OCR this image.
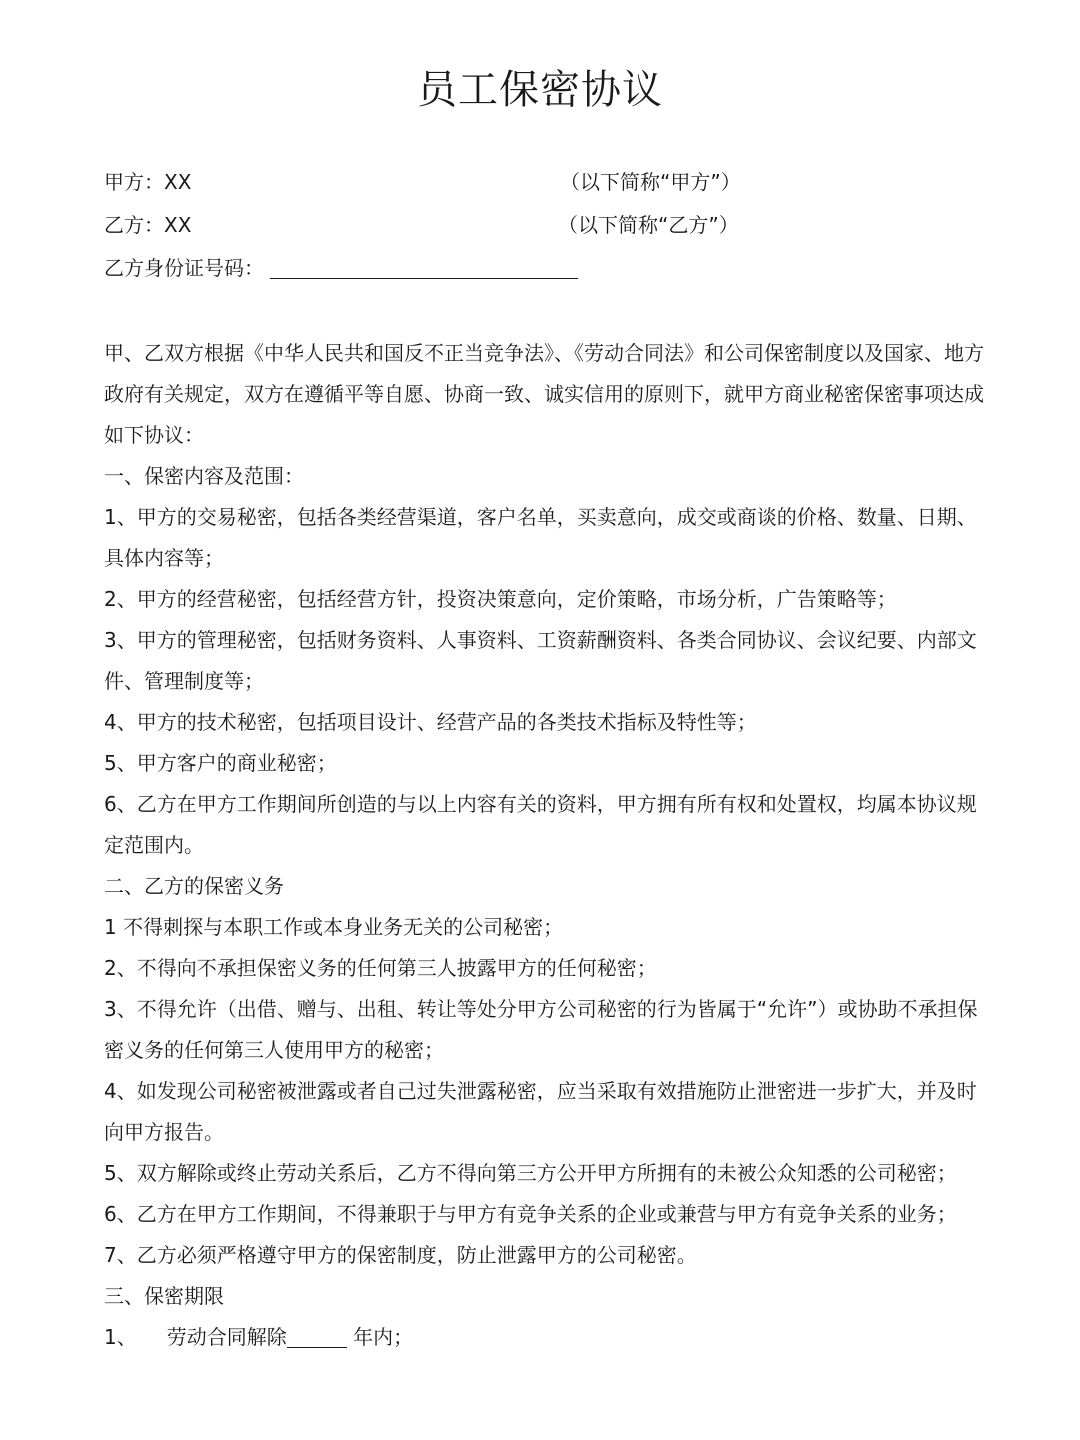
员工保密协议
甲方：XX	（以下简称“甲方”）
乙方：XX	（以下简称“乙方”）
乙方身份证号码：

甲、乙双方根据《中华人民共和国反不正当竞争法》、《劳动合同法》和公司保密制度以及国家、地方政府有关规定，双方在遵循平等自愿、协商一致、诚实信用的原则下，就甲方商业秘密保密事项达成如下协议：

一、保密内容及范围：

1、甲方的交易秘密，包括各类经营渠道，客户名单，买卖意向，成交或商谈的价格、数量、日期、具体内容等；

2、甲方的经营秘密，包括经营方针，投资决策意向，定价策略，市场分析，广告策略等；

3、甲方的管理秘密，包括财务资料、人事资料、工资薪酬资料、各类合同协议、会议纪要、内部文件、管理制度等；

4、甲方的技术秘密，包括项目设计、经营产品的各类技术指标及特性等；

5、甲方客户的商业秘密；

6、乙方在甲方工作期间所创造的与以上内容有关的资料，甲方拥有所有权和处置权，均属本协议规定范围内。

二、乙方的保密义务

1 不得刺探与本职工作或本身业务无关的公司秘密；

2、不得向不承担保密义务的任何第三人披露甲方的任何秘密；

3、不得允许（出借、赠与、出租、转让等处分甲方公司秘密的行为皆属于“允许”）或协助不承担保密义务的任何第三人使用甲方的秘密；

4、如发现公司秘密被泄露或者自己过失泄露秘密，应当采取有效措施防止泄密进一步扩大，并及时向甲方报告。

5、双方解除或终止劳动关系后，乙方不得向第三方公开甲方所拥有的未被公众知悉的公司秘密；

6、乙方在甲方工作期间，不得兼职于与甲方有竞争关系的企业或兼营与甲方有竞争关系的业务；

7、乙方必须严格遵守甲方的保密制度，防止泄露甲方的公司秘密。

三、保密期限

1、　　劳动合同解除	年内；
